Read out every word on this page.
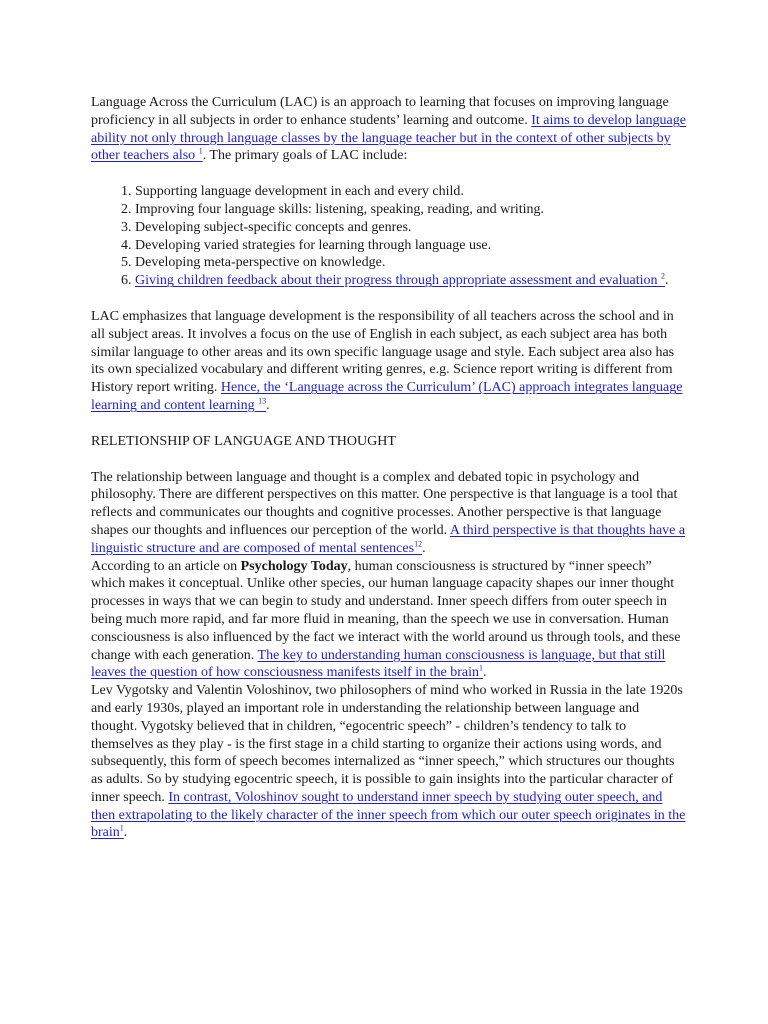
Language Across the Curriculum (LAC) is an approach to learning that focuses on improving language proficiency in all subjects in order to enhance students’ learning and outcome. It aims to develop language ability not only through language classes by the language teacher but in the context of other subjects by other teachers also $^1$. The primary goals of LAC include:

1. Supporting language development in each and every child.
2. Improving four language skills: listening, speaking, reading, and writing.
3. Developing subject-specific concepts and genres.
4. Developing varied strategies for learning through language use.
5. Developing meta-perspective on knowledge.
6. Giving children feedback about their progress through appropriate assessment and evaluation $^2$.

LAC emphasizes that language development is the responsibility of all teachers across the school and in all subject areas. It involves a focus on the use of English in each subject, as each subject area has both similar language to other areas and its own specific language usage and style. Each subject area also has its own specialized vocabulary and different writing genres, e.g. Science report writing is different from History report writing. Hence, the ‘Language across the Curriculum’ (LAC) approach integrates language learning and content learning $^{13}$.

RELETIONSHIP OF LANGUAGE AND THOUGHT

The relationship between language and thought is a complex and debated topic in psychology and philosophy. There are different perspectives on this matter. One perspective is that language is a tool that reflects and communicates our thoughts and cognitive processes. Another perspective is that language shapes our thoughts and influences our perception of the world. A third perspective is that thoughts have a linguistic structure and are composed of mental sentences$^{12}$.

According to an article on Psychology Today, human consciousness is structured by “inner speech” which makes it conceptual. Unlike other species, our human language capacity shapes our inner thought processes in ways that we can begin to study and understand. Inner speech differs from outer speech in being much more rapid, and far more fluid in meaning, than the speech we use in conversation. Human consciousness is also influenced by the fact we interact with the world around us through tools, and these change with each generation. The key to understanding human consciousness is language, but that still leaves the question of how consciousness manifests itself in the brain$^1$.

Lev Vygotsky and Valentin Voloshinov, two philosophers of mind who worked in Russia in the late 1920s and early 1930s, played an important role in understanding the relationship between language and thought. Vygotsky believed that in children, “egocentric speech” - children’s tendency to talk to themselves as they play - is the first stage in a child starting to organize their actions using words, and subsequently, this form of speech becomes internalized as “inner speech,” which structures our thoughts as adults. So by studying egocentric speech, it is possible to gain insights into the particular character of inner speech. In contrast, Voloshinov sought to understand inner speech by studying outer speech, and then extrapolating to the likely character of the inner speech from which our outer speech originates in the brain$^1$.
